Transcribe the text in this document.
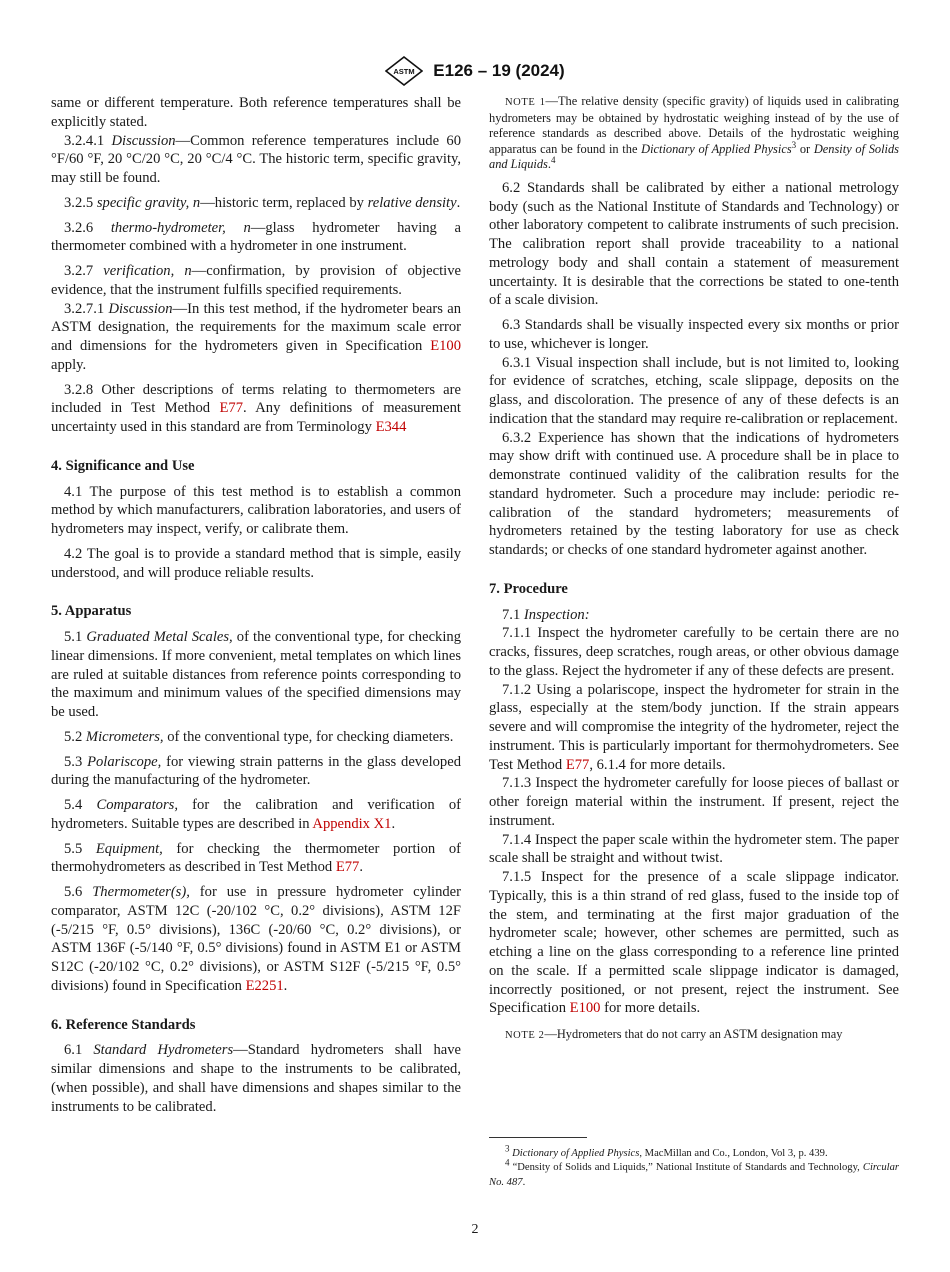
ASTM E126 – 19 (2024)

same or different temperature. Both reference temperatures shall be explicitly stated.

3.2.4.1 Discussion—Common reference temperatures include 60 °F/60 °F, 20 °C/20 °C, 20 °C/4 °C. The historic term, specific gravity, may still be found.

3.2.5 specific gravity, n—historic term, replaced by relative density.

3.2.6 thermo-hydrometer, n—glass hydrometer having a thermometer combined with a hydrometer in one instrument.

3.2.7 verification, n—confirmation, by provision of objective evidence, that the instrument fulfills specified requirements.

3.2.7.1 Discussion—In this test method, if the hydrometer bears an ASTM designation, the requirements for the maximum scale error and dimensions for the hydrometers given in Specification E100 apply.

3.2.8 Other descriptions of terms relating to thermometers are included in Test Method E77. Any definitions of measurement uncertainty used in this standard are from Terminology E344

4. Significance and Use

4.1 The purpose of this test method is to establish a common method by which manufacturers, calibration laboratories, and users of hydrometers may inspect, verify, or calibrate them.

4.2 The goal is to provide a standard method that is simple, easily understood, and will produce reliable results.

5. Apparatus

5.1 Graduated Metal Scales, of the conventional type, for checking linear dimensions. If more convenient, metal templates on which lines are ruled at suitable distances from reference points corresponding to the maximum and minimum values of the specified dimensions may be used.

5.2 Micrometers, of the conventional type, for checking diameters.

5.3 Polariscope, for viewing strain patterns in the glass developed during the manufacturing of the hydrometer.

5.4 Comparators, for the calibration and verification of hydrometers. Suitable types are described in Appendix X1.

5.5 Equipment, for checking the thermometer portion of thermohydrometers as described in Test Method E77.

5.6 Thermometer(s), for use in pressure hydrometer cylinder comparator, ASTM 12C (-20/102 °C, 0.2° divisions), ASTM 12F (-5/215 °F, 0.5° divisions), 136C (-20/60 °C, 0.2° divisions), or ASTM 136F (-5/140 °F, 0.5° divisions) found in ASTM E1 or ASTM S12C (-20/102 °C, 0.2° divisions), or ASTM S12F (-5/215 °F, 0.5° divisions) found in Specification E2251.

6. Reference Standards

6.1 Standard Hydrometers—Standard hydrometers shall have similar dimensions and shape to the instruments to be calibrated, (when possible), and shall have dimensions and shapes similar to the instruments to be calibrated.

NOTE 1—The relative density (specific gravity) of liquids used in calibrating hydrometers may be obtained by hydrostatic weighing instead of by the use of reference standards as described above. Details of the hydrostatic weighing apparatus can be found in the Dictionary of Applied Physics$^3$ or Density of Solids and Liquids.$^4$

6.2 Standards shall be calibrated by either a national metrology body (such as the National Institute of Standards and Technology) or other laboratory competent to calibrate instruments of such precision. The calibration report shall provide traceability to a national metrology body and shall contain a statement of measurement uncertainty. It is desirable that the corrections be stated to one-tenth of a scale division.

6.3 Standards shall be visually inspected every six months or prior to use, whichever is longer.

6.3.1 Visual inspection shall include, but is not limited to, looking for evidence of scratches, etching, scale slippage, deposits on the glass, and discoloration. The presence of any of these defects is an indication that the standard may require re-calibration or replacement.

6.3.2 Experience has shown that the indications of hydrometers may show drift with continued use. A procedure shall be in place to demonstrate continued validity of the calibration results for the standard hydrometer. Such a procedure may include: periodic re-calibration of the standard hydrometers; measurements of hydrometers retained by the testing laboratory for use as check standards; or checks of one standard hydrometer against another.

7. Procedure

7.1 Inspection:

7.1.1 Inspect the hydrometer carefully to be certain there are no cracks, fissures, deep scratches, rough areas, or other obvious damage to the glass. Reject the hydrometer if any of these defects are present.

7.1.2 Using a polariscope, inspect the hydrometer for strain in the glass, especially at the stem/body junction. If the strain appears severe and will compromise the integrity of the hydrometer, reject the instrument. This is particularly important for thermohydrometers. See Test Method E77, 6.1.4 for more details.

7.1.3 Inspect the hydrometer carefully for loose pieces of ballast or other foreign material within the instrument. If present, reject the instrument.

7.1.4 Inspect the paper scale within the hydrometer stem. The paper scale shall be straight and without twist.

7.1.5 Inspect for the presence of a scale slippage indicator. Typically, this is a thin strand of red glass, fused to the inside top of the stem, and terminating at the first major graduation of the hydrometer scale; however, other schemes are permitted, such as etching a line on the glass corresponding to a reference line printed on the scale. If a permitted scale slippage indicator is damaged, incorrectly positioned, or not present, reject the instrument. See Specification E100 for more details.

NOTE 2—Hydrometers that do not carry an ASTM designation may

$^3$ Dictionary of Applied Physics, MacMillan and Co., London, Vol 3, p. 439.

$^4$ “Density of Solids and Liquids,” National Institute of Standards and Technology, Circular No. 487.

2
